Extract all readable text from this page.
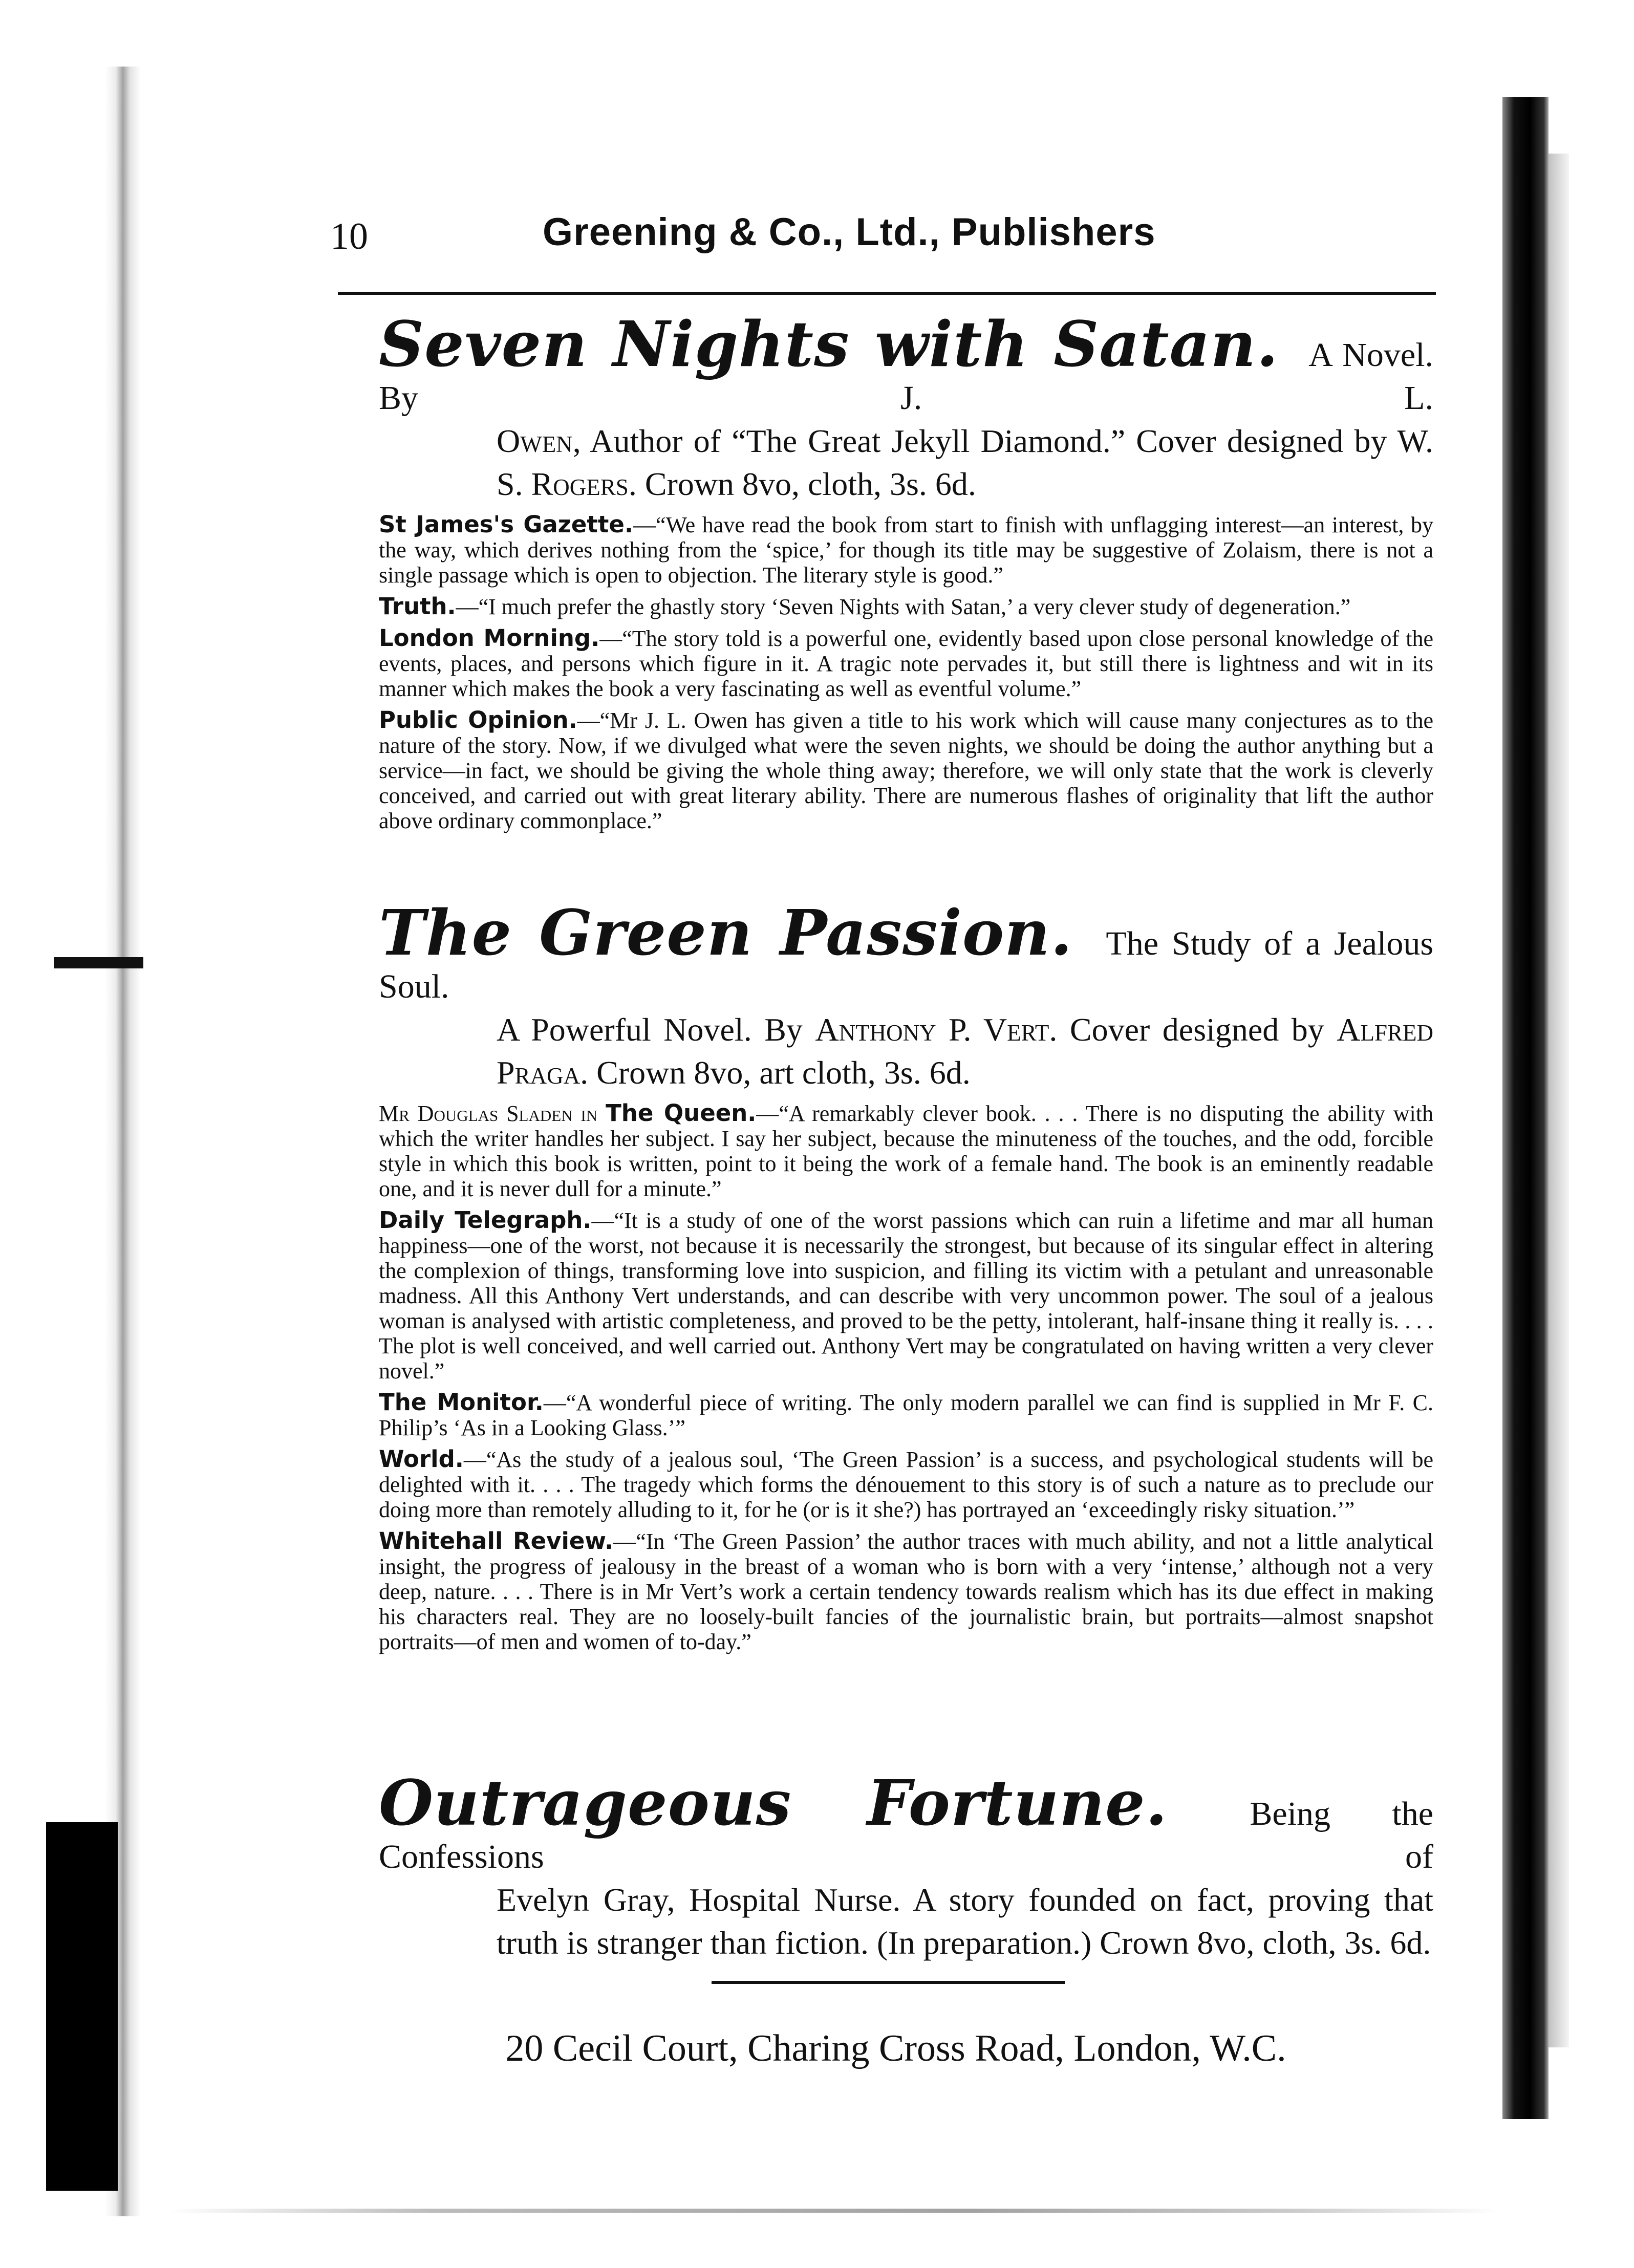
10	Greening & Co., Ltd., Publishers
Seven Nights with Satan. A Novel. By J. L.
Owen, Author of “The Great Jekyll Diamond.” Cover designed by W. S. Rogers. Crown 8vo, cloth, 3s. 6d.
St James's Gazette.—“We have read the book from start to finish with unflagging interest—an interest, by the way, which derives nothing from the ‘spice,’ for though its title may be suggestive of Zolaism, there is not a single passage which is open to objection. The literary style is good.”
Truth.—“I much prefer the ghastly story ‘Seven Nights with Satan,’ a very clever study of degeneration.”
London Morning.—“The story told is a powerful one, evidently based upon close personal knowledge of the events, places, and persons which figure in it. A tragic note pervades it, but still there is lightness and wit in its manner which makes the book a very fascinating as well as eventful volume.”
Public Opinion.—“Mr J. L. Owen has given a title to his work which will cause many conjectures as to the nature of the story. Now, if we divulged what were the seven nights, we should be doing the author anything but a service—in fact, we should be giving the whole thing away; therefore, we will only state that the work is cleverly conceived, and carried out with great literary ability. There are numerous flashes of originality that lift the author above ordinary commonplace.”
The Green Passion. The Study of a Jealous Soul.
A Powerful Novel. By Anthony P. Vert. Cover designed by Alfred Praga. Crown 8vo, art cloth, 3s. 6d.
Mr Douglas Sladen in The Queen.—“A remarkably clever book. . . . There is no disputing the ability with which the writer handles her subject. I say her subject, because the minuteness of the touches, and the odd, forcible style in which this book is written, point to it being the work of a female hand. The book is an eminently readable one, and it is never dull for a minute.”
Daily Telegraph.—“It is a study of one of the worst passions which can ruin a lifetime and mar all human happiness—one of the worst, not because it is necessarily the strongest, but because of its singular effect in altering the complexion of things, transforming love into suspicion, and filling its victim with a petulant and unreasonable madness. All this Anthony Vert understands, and can describe with very uncommon power. The soul of a jealous woman is analysed with artistic completeness, and proved to be the petty, intolerant, half-insane thing it really is. . . . The plot is well conceived, and well carried out. Anthony Vert may be congratulated on having written a very clever novel.”
The Monitor.—“A wonderful piece of writing. The only modern parallel we can find is supplied in Mr F. C. Philip’s ‘As in a Looking Glass.’”
World.—“As the study of a jealous soul, ‘The Green Passion’ is a success, and psychological students will be delighted with it. . . . The tragedy which forms the dénouement to this story is of such a nature as to preclude our doing more than remotely alluding to it, for he (or is it she?) has portrayed an ‘exceedingly risky situation.’”
Whitehall Review.—“In ‘The Green Passion’ the author traces with much ability, and not a little analytical insight, the progress of jealousy in the breast of a woman who is born with a very ‘intense,’ although not a very deep, nature. . . . There is in Mr Vert’s work a certain tendency towards realism which has its due effect in making his characters real. They are no loosely-built fancies of the journalistic brain, but portraits—almost snapshot portraits—of men and women of to-day.”
Outrageous Fortune. Being the Confessions of
Evelyn Gray, Hospital Nurse. A story founded on fact, proving that truth is stranger than fiction. (In preparation.) Crown 8vo, cloth, 3s. 6d.
20 Cecil Court, Charing Cross Road, London, W.C.
